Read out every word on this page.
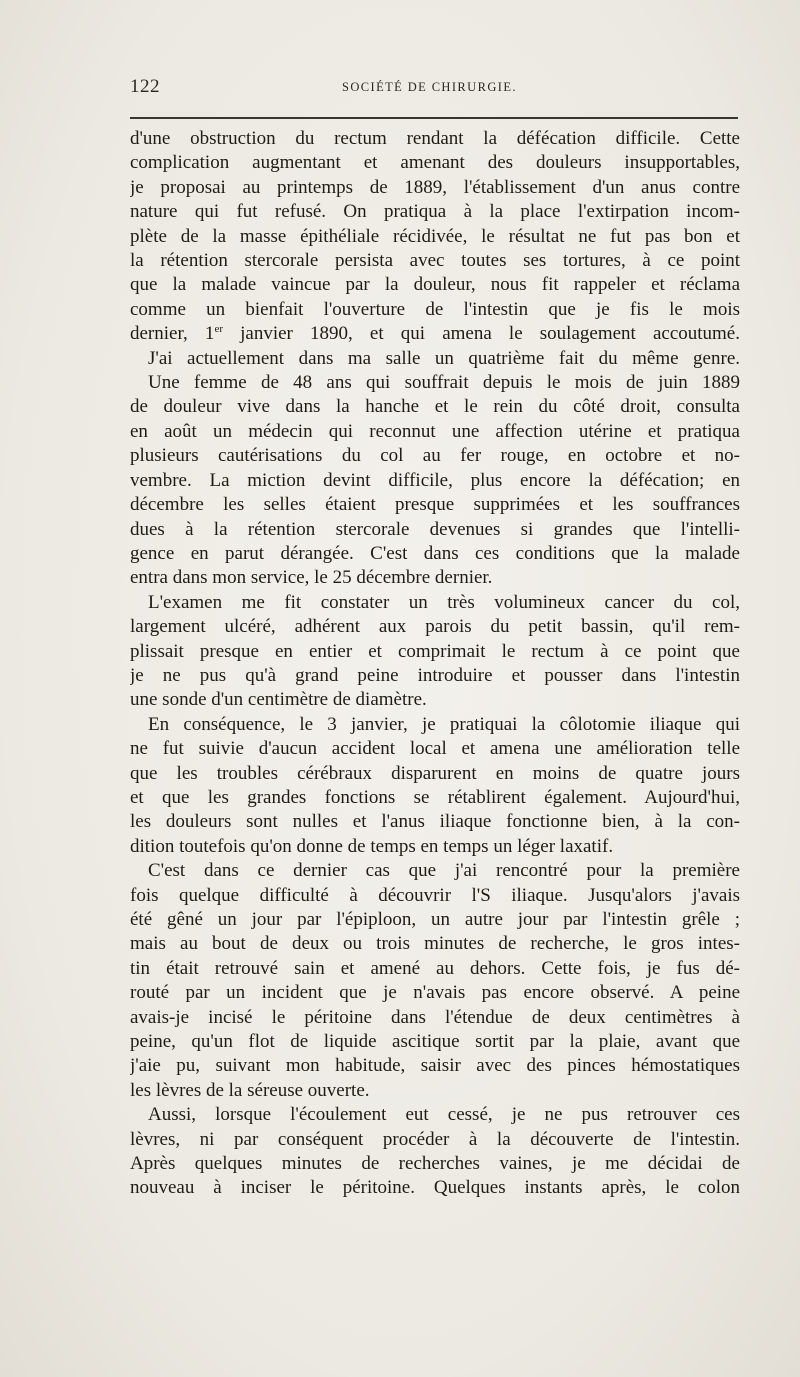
122	SOCIÉTÉ DE CHIRURGIE.
d'une obstruction du rectum rendant la défécation difficile. Cette
complication augmentant et amenant des douleurs insupportables,
je proposai au printemps de 1889, l'établissement d'un anus contre
nature qui fut refusé. On pratiqua à la place l'extirpation incom-
plète de la masse épithéliale récidivée, le résultat ne fut pas bon et
la rétention stercorale persista avec toutes ses tortures, à ce point
que la malade vaincue par la douleur, nous fit rappeler et réclama
comme un bienfait l'ouverture de l'intestin que je fis le mois
dernier, 1er janvier 1890, et qui amena le soulagement accoutumé.
J'ai actuellement dans ma salle un quatrième fait du même genre.
Une femme de 48 ans qui souffrait depuis le mois de juin 1889
de douleur vive dans la hanche et le rein du côté droit, consulta
en août un médecin qui reconnut une affection utérine et pratiqua
plusieurs cautérisations du col au fer rouge, en octobre et no-
vembre. La miction devint difficile, plus encore la défécation; en
décembre les selles étaient presque supprimées et les souffrances
dues à la rétention stercorale devenues si grandes que l'intelli-
gence en parut dérangée. C'est dans ces conditions que la malade
entra dans mon service, le 25 décembre dernier.
L'examen me fit constater un très volumineux cancer du col,
largement ulcéré, adhérent aux parois du petit bassin, qu'il rem-
plissait presque en entier et comprimait le rectum à ce point que
je ne pus qu'à grand peine introduire et pousser dans l'intestin
une sonde d'un centimètre de diamètre.
En conséquence, le 3 janvier, je pratiquai la côlotomie iliaque qui
ne fut suivie d'aucun accident local et amena une amélioration telle
que les troubles cérébraux disparurent en moins de quatre jours
et que les grandes fonctions se rétablirent également. Aujourd'hui,
les douleurs sont nulles et l'anus iliaque fonctionne bien, à la con-
dition toutefois qu'on donne de temps en temps un léger laxatif.
C'est dans ce dernier cas que j'ai rencontré pour la première
fois quelque difficulté à découvrir l'S iliaque. Jusqu'alors j'avais
été gêné un jour par l'épiploon, un autre jour par l'intestin grêle ;
mais au bout de deux ou trois minutes de recherche, le gros intes-
tin était retrouvé sain et amené au dehors. Cette fois, je fus dé-
routé par un incident que je n'avais pas encore observé. A peine
avais-je incisé le péritoine dans l'étendue de deux centimètres à
peine, qu'un flot de liquide ascitique sortit par la plaie, avant que
j'aie pu, suivant mon habitude, saisir avec des pinces hémostatiques
les lèvres de la séreuse ouverte.
Aussi, lorsque l'écoulement eut cessé, je ne pus retrouver ces
lèvres, ni par conséquent procéder à la découverte de l'intestin.
Après quelques minutes de recherches vaines, je me décidai de
nouveau à inciser le péritoine. Quelques instants après, le colon
